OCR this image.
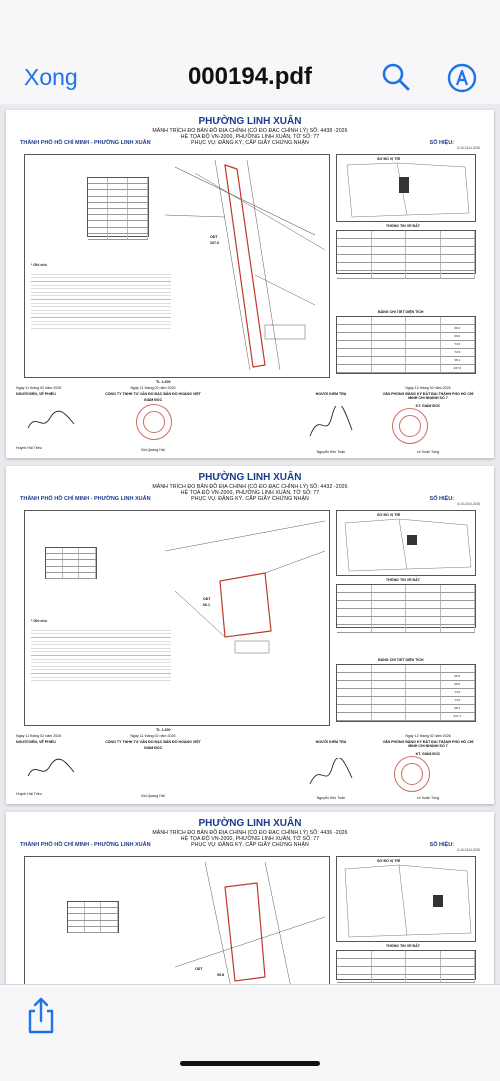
Xong	000194.pdf
PHƯỜNG LINH XUÂN
MẢNH TRÍCH ĐO BẢN ĐỒ ĐỊA CHÍNH (CÓ ĐO ĐẠC CHỈNH LÝ) SỐ: 4438 -2026
HỆ TỌA ĐỘ VN-2000, PHƯỜNG LINH XUÂN, TỜ SỐ: 77
PHỤC VỤ: ĐĂNG KÝ, CẤP GIẤY CHỨNG NHẬN
THÀNH PHỐ HỒ CHÍ MINH - PHƯỜNG LINH XUÂN	SỐ HIỆU:
6-15-0144-2026
ODT
237.0
* Ghi chú
SƠ ĐỒ VỊ TRÍ
THÔNG TIN VỀ ĐẤT
BẢNG CHI TIẾT DIỆN TÍCH
69.6
69.0
74.5
74.5
68.1
237.0
TL 1:200
Ngày 11 tháng 02 năm 2026
NGƯỜI ĐỀN, VẼ PHIẾU
Huỳnh Hải Triều
Ngày 11 tháng 02 năm 2026
CÔNG TY TNHH TƯ VẤN ĐO ĐẠC BẢN ĐỒ HOÀNG VIỆT
GIÁM ĐỐC
Bùi Quang Hải
NGƯỜI KIỂM TRA
Nguyễn Kim Tuấn
Ngày 12 tháng 02 năm 2026
VĂN PHÒNG ĐĂNG KÝ ĐẤT ĐAI THÀNH PHỐ HỒ CHÍ MINH CHI NHÁNH SỐ 7
KT. GIÁM ĐỐC
Lê Xuân Tùng
PHƯỜNG LINH XUÂN
MẢNH TRÍCH ĐO BẢN ĐỒ ĐỊA CHÍNH (CÓ ĐO ĐẠC CHỈNH LÝ) SỐ: 4432 -2026
HỆ TỌA ĐỘ VN-2000, PHƯỜNG LINH XUÂN, TỜ SỐ: 77
PHỤC VỤ: ĐĂNG KÝ, CẤP GIẤY CHỨNG NHẬN
THÀNH PHỐ HỒ CHÍ MINH - PHƯỜNG LINH XUÂN	SỐ HIỆU:
6-15-0144-2026
ODT
66.1
* Ghi chú
SƠ ĐỒ VỊ TRÍ
THÔNG TIN VỀ ĐẤT
BẢNG CHI TIẾT DIỆN TÍCH
66.6
69.0
74.5
74.5
68.1
237.1
TL 1:200
Ngày 11 tháng 02 năm 2026
NGƯỜI ĐỀN, VẼ PHIẾU
Huỳnh Hải Triều
Ngày 11 tháng 02 năm 2026
CÔNG TY TNHH TƯ VẤN ĐO ĐẠC BẢN ĐỒ HOÀNG VIỆT
GIÁM ĐỐC
Bùi Quang Hải
NGƯỜI KIỂM TRA
Nguyễn Kim Tuấn
Ngày 12 tháng 02 năm 2026
VĂN PHÒNG ĐĂNG KÝ ĐẤT ĐAI THÀNH PHỐ HỒ CHÍ MINH CHI NHÁNH SỐ 7
KT. GIÁM ĐỐC
Lê Xuân Tùng
PHƯỜNG LINH XUÂN
MẢNH TRÍCH ĐO BẢN ĐỒ ĐỊA CHÍNH (CÓ ĐO ĐẠC CHỈNH LÝ) SỐ: 4436 -2026
HỆ TỌA ĐỘ VN-2000, PHƯỜNG LINH XUÂN, TỜ SỐ: 77
PHỤC VỤ: ĐĂNG KÝ, CẤP GIẤY CHỨNG NHẬN
THÀNH PHỐ HỒ CHÍ MINH - PHƯỜNG LINH XUÂN	SỐ HIỆU:
6-15-0144-2026
ODT
59.8
SƠ ĐỒ VỊ TRÍ
THÔNG TIN VỀ ĐẤT
